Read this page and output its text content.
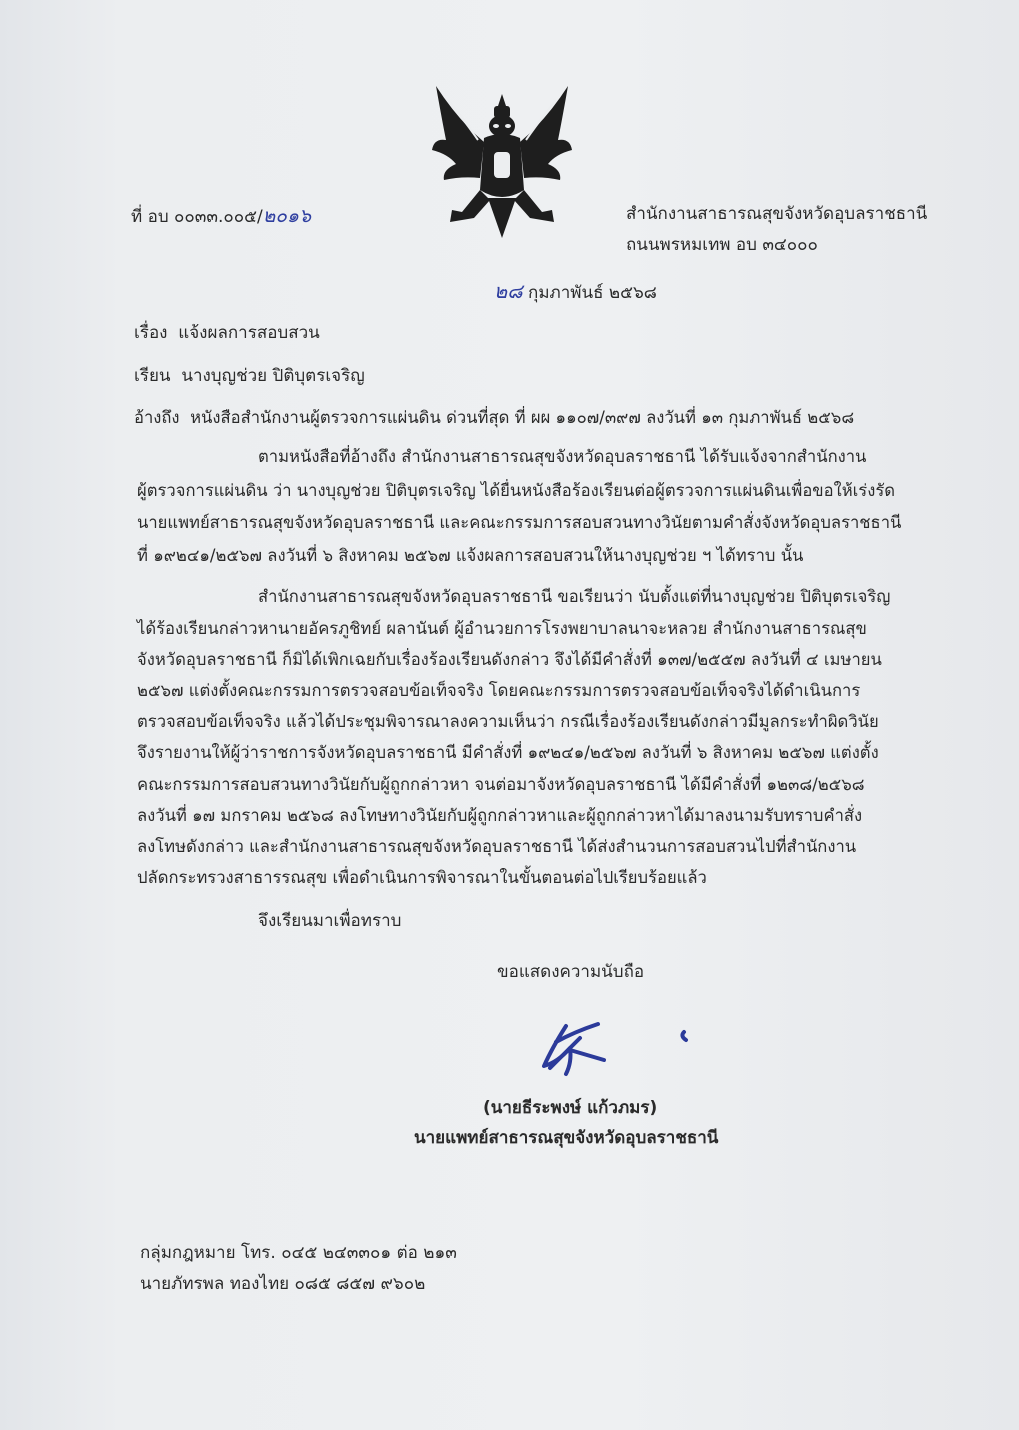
ที่ อบ ๐๐๓๓.๐๐๕/๒๐๑๖	สำนักงานสาธารณสุขจังหวัดอุบลราชธานี
ถนนพรหมเทพ อบ ๓๔๐๐๐
๒๘ กุมภาพันธ์ ๒๕๖๘
เรื่อง แจ้งผลการสอบสวน
เรียน นางบุญช่วย ปิติบุตรเจริญ
อ้างถึง หนังสือสำนักงานผู้ตรวจการแผ่นดิน ด่วนที่สุด ที่ ผผ ๑๑๐๗/๓๙๗ ลงวันที่ ๑๓ กุมภาพันธ์ ๒๕๖๘
ตามหนังสือที่อ้างถึง สำนักงานสาธารณสุขจังหวัดอุบลราชธานี ได้รับแจ้งจากสำนักงาน
ผู้ตรวจการแผ่นดิน ว่า นางบุญช่วย ปิติบุตรเจริญ ได้ยื่นหนังสือร้องเรียนต่อผู้ตรวจการแผ่นดินเพื่อขอให้เร่งรัด
นายแพทย์สาธารณสุขจังหวัดอุบลราชธานี และคณะกรรมการสอบสวนทางวินัยตามคำสั่งจังหวัดอุบลราชธานี
ที่ ๑๙๒๔๑/๒๕๖๗ ลงวันที่ ๖ สิงหาคม ๒๕๖๗ แจ้งผลการสอบสวนให้นางบุญช่วย ฯ ได้ทราบ นั้น
สำนักงานสาธารณสุขจังหวัดอุบลราชธานี ขอเรียนว่า นับตั้งแต่ที่นางบุญช่วย ปิติบุตรเจริญ
ได้ร้องเรียนกล่าวหานายอัครภูชิทย์ ผลานันต์ ผู้อำนวยการโรงพยาบาลนาจะหลวย สำนักงานสาธารณสุข
จังหวัดอุบลราชธานี ก็มิได้เพิกเฉยกับเรื่องร้องเรียนดังกล่าว จึงได้มีคำสั่งที่ ๑๓๗/๒๕๕๗ ลงวันที่ ๔ เมษายน
๒๕๖๗ แต่งตั้งคณะกรรมการตรวจสอบข้อเท็จจริง โดยคณะกรรมการตรวจสอบข้อเท็จจริงได้ดำเนินการ
ตรวจสอบข้อเท็จจริง แล้วได้ประชุมพิจารณาลงความเห็นว่า กรณีเรื่องร้องเรียนดังกล่าวมีมูลกระทำผิดวินัย
จึงรายงานให้ผู้ว่าราชการจังหวัดอุบลราชธานี มีคำสั่งที่ ๑๙๒๔๑/๒๕๖๗ ลงวันที่ ๖ สิงหาคม ๒๕๖๗ แต่งตั้ง
คณะกรรมการสอบสวนทางวินัยกับผู้ถูกกล่าวหา จนต่อมาจังหวัดอุบลราชธานี ได้มีคำสั่งที่ ๑๒๓๘/๒๕๖๘
ลงวันที่ ๑๗ มกราคม ๒๕๖๘ ลงโทษทางวินัยกับผู้ถูกกล่าวหาและผู้ถูกกล่าวหาได้มาลงนามรับทราบคำสั่ง
ลงโทษดังกล่าว และสำนักงานสาธารณสุขจังหวัดอุบลราชธานี ได้ส่งสำนวนการสอบสวนไปที่สำนักงาน
ปลัดกระทรวงสาธารรณสุข เพื่อดำเนินการพิจารณาในขั้นตอนต่อไปเรียบร้อยแล้ว
จึงเรียนมาเพื่อทราบ
ขอแสดงความนับถือ
(นายธีระพงษ์ แก้วภมร)
นายแพทย์สาธารณสุขจังหวัดอุบลราชธานี
กลุ่มกฎหมาย โทร. ๐๔๕ ๒๔๓๓๐๑ ต่อ ๒๑๓
นายภัทรพล ทองไทย ๐๘๕ ๘๕๗ ๙๖๐๒
